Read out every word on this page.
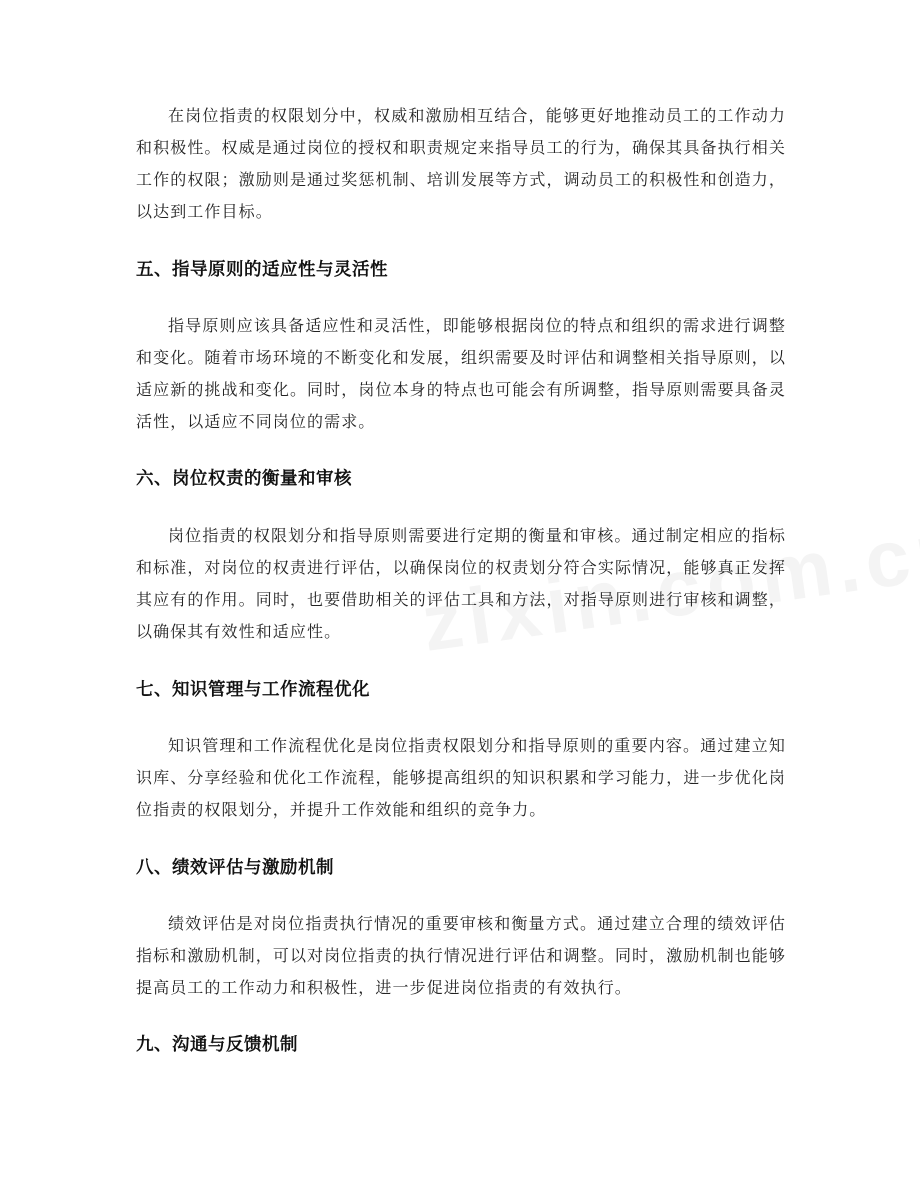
在岗位指责的权限划分中，权威和激励相互结合，能够更好地推动员工的工作动力和积极性。权威是通过岗位的授权和职责规定来指导员工的行为，确保其具备执行相关工作的权限；激励则是通过奖惩机制、培训发展等方式，调动员工的积极性和创造力，以达到工作目标。

五、指导原则的适应性与灵活性

指导原则应该具备适应性和灵活性，即能够根据岗位的特点和组织的需求进行调整和变化。随着市场环境的不断变化和发展，组织需要及时评估和调整相关指导原则，以适应新的挑战和变化。同时，岗位本身的特点也可能会有所调整，指导原则需要具备灵活性，以适应不同岗位的需求。

六、岗位权责的衡量和审核

岗位指责的权限划分和指导原则需要进行定期的衡量和审核。通过制定相应的指标和标准，对岗位的权责进行评估，以确保岗位的权责划分符合实际情况，能够真正发挥其应有的作用。同时，也要借助相关的评估工具和方法，对指导原则进行审核和调整，以确保其有效性和适应性。

七、知识管理与工作流程优化

知识管理和工作流程优化是岗位指责权限划分和指导原则的重要内容。通过建立知识库、分享经验和优化工作流程，能够提高组织的知识积累和学习能力，进一步优化岗位指责的权限划分，并提升工作效能和组织的竞争力。

八、绩效评估与激励机制

绩效评估是对岗位指责执行情况的重要审核和衡量方式。通过建立合理的绩效评估指标和激励机制，可以对岗位指责的执行情况进行评估和调整。同时，激励机制也能够提高员工的工作动力和积极性，进一步促进岗位指责的有效执行。

九、沟通与反馈机制
